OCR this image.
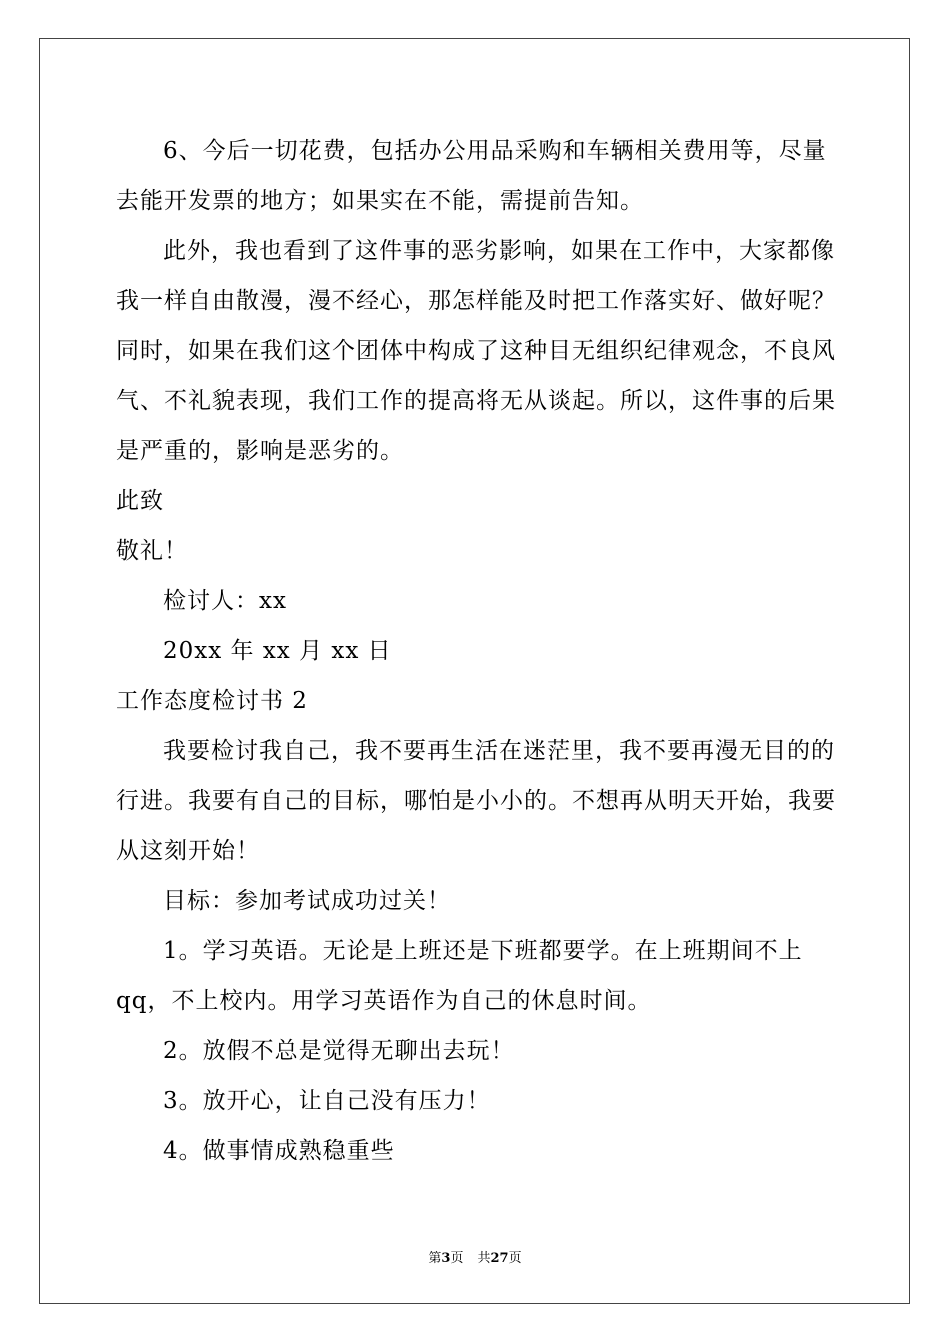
6、今后一切花费，包括办公用品采购和车辆相关费用等，尽量
去能开发票的地方；如果实在不能，需提前告知。
此外，我也看到了这件事的恶劣影响，如果在工作中，大家都像
我一样自由散漫，漫不经心，那怎样能及时把工作落实好、做好呢？
同时，如果在我们这个团体中构成了这种目无组织纪律观念，不良风
气、不礼貌表现，我们工作的提高将无从谈起。所以，这件事的后果
是严重的，影响是恶劣的。
此致
敬礼！
检讨人：xx
20xx 年 xx 月 xx 日
工作态度检讨书 2
我要检讨我自己，我不要再生活在迷茫里，我不要再漫无目的的
行进。我要有自己的目标，哪怕是小小的。不想再从明天开始，我要
从这刻开始！
目标：参加考试成功过关！
1。学习英语。无论是上班还是下班都要学。在上班期间不上
qq，不上校内。用学习英语作为自己的休息时间。
2。放假不总是觉得无聊出去玩！
3。放开心，让自己没有压力！
4。做事情成熟稳重些
第3页 共27页
